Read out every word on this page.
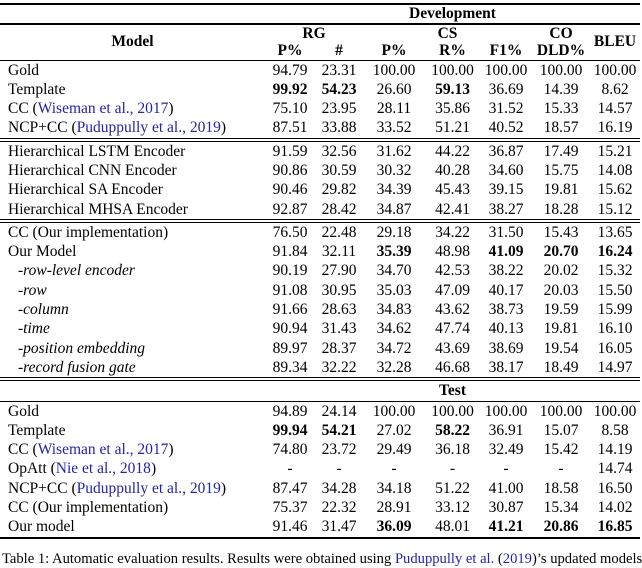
	Development						
Model	RG		CS			CO	BLEU
	P%	#	P%	R%	F1%	DLD%	
Gold	94.79	23.31	100.00	100.00	100.00	100.00	100.00
Template	99.92	54.23	26.60	59.13	36.69	14.39	8.62
CC (Wiseman et al., 2017)	75.10	23.95	28.11	35.86	31.52	15.33	14.57
NCP+CC (Puduppully et al., 2019)	87.51	33.88	33.52	51.21	40.52	18.57	16.19
Hierarchical LSTM Encoder	91.59	32.56	31.62	44.22	36.87	17.49	15.21
Hierarchical CNN Encoder	90.86	30.59	30.32	40.28	34.60	15.75	14.08
Hierarchical SA Encoder	90.46	29.82	34.39	45.43	39.15	19.81	15.62
Hierarchical MHSA Encoder	92.87	28.42	34.87	42.41	38.27	18.28	15.12
CC (Our implementation)	76.50	22.48	29.18	34.22	31.50	15.43	13.65
Our Model	91.84	32.11	35.39	48.98	41.09	20.70	16.24
-row-level encoder	90.19	27.90	34.70	42.53	38.22	20.02	15.32
-row	91.08	30.95	35.03	47.09	40.17	20.03	15.50
-column	91.66	28.63	34.83	43.62	38.73	19.59	15.99
-time	90.94	31.43	34.62	47.74	40.13	19.81	16.10
-position embedding	89.97	28.37	34.72	43.69	38.69	19.54	16.05
-record fusion gate	89.34	32.22	32.28	46.68	38.17	18.49	14.97
	Test						
Gold	94.89	24.14	100.00	100.00	100.00	100.00	100.00
Template	99.94	54.21	27.02	58.22	36.91	15.07	8.58
CC (Wiseman et al., 2017)	74.80	23.72	29.49	36.18	32.49	15.42	14.19
OpAtt (Nie et al., 2018)	-	-	-	-	-	-	14.74
NCP+CC (Puduppully et al., 2019)	87.47	34.28	34.18	51.22	41.00	18.58	16.50
CC (Our implementation)	75.37	22.32	28.91	33.12	30.87	15.34	14.02
Our model	91.46	31.47	36.09	48.01	41.21	20.86	16.85

Table 1: Automatic evaluation results. Results were obtained using Puduppully et al. (2019)’s updated models
